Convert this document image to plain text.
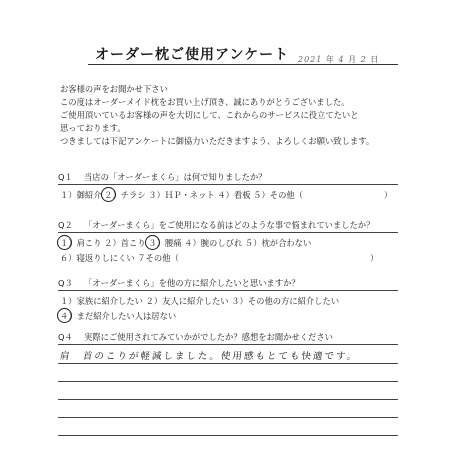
オーダー枕ご使用アンケート 2021 年 4 月 2 日
お客様の声をお聞かせ下さい
この度はオーダーメイド枕をお買い上げ頂き、誠にありがとうございました。
ご使用頂いているお客様の声を大切にして、これからのサービスに役立てたいと
思っております。
つきましては下記アンケートに御協力いただきますよう、よろしくお願い致します。
Q１ 当店の「オーダーまくら」は何で知りましたか？
１）御紹介 ２）チラシ ３）ＨＰ・ネット ４）看板 ５）その他（	）
Q２ 「オーダーまくら」をご使用になる前はどのような事で悩まれていましたか？
１）肩こり ２）首こり ３）腰痛 ４）腕のしびれ ５）枕が合わない
６）寝返りしにくい ７その他（	）
Q３ 「オーダーまくら」を他の方に紹介したいと思いますか？
１）家族に紹介したい ２）友人に紹介したい ３）その他の方に紹介したい
４）まだ紹介したい人は居ない
Q４ 実際にご使用されてみていかがでしたか？感想をお聞かせください
肩　首のこりが軽減しました。使用感もとても快適です。
